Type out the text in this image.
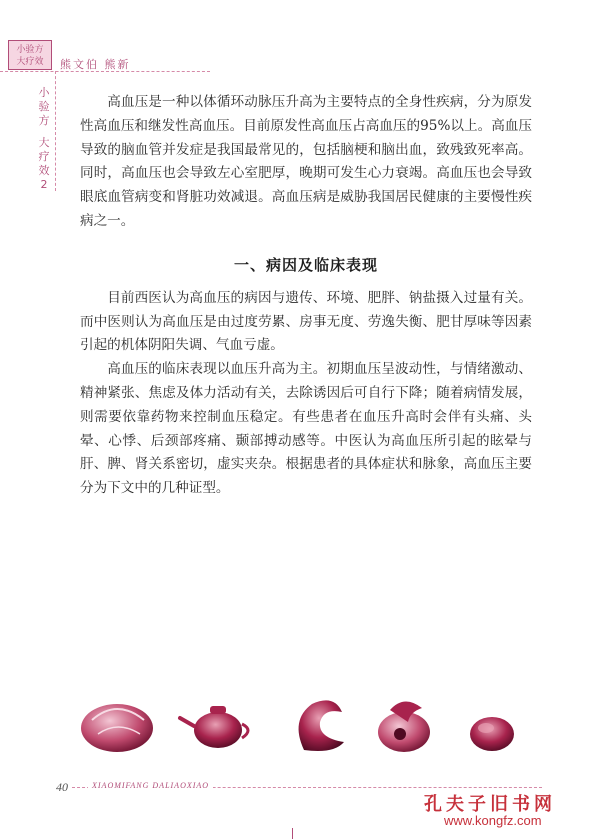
小验方
大疗效 熊文伯 熊新
小验方
大疗效2

高血压是一种以体循环动脉压升高为主要特点的全身性疾病，分为原发性高血压和继发性高血压。目前原发性高血压占高血压的95%以上。高血压导致的脑血管并发症是我国最常见的，包括脑梗和脑出血，致残致死率高。同时，高血压也会导致左心室肥厚，晚期可发生心力衰竭。高血压也会导致眼底血管病变和肾脏功效减退。高血压病是威胁我国居民健康的主要慢性疾病之一。

一、病因及临床表现

目前西医认为高血压的病因与遗传、环境、肥胖、钠盐摄入过量有关。而中医则认为高血压是由过度劳累、房事无度、劳逸失衡、肥甘厚味等因素引起的机体阴阳失调、气血亏虚。

高血压的临床表现以血压升高为主。初期血压呈波动性，与情绪激动、精神紧张、焦虑及体力活动有关，去除诱因后可自行下降；随着病情发展，则需要依靠药物来控制血压稳定。有些患者在血压升高时会伴有头痛、头晕、心悸、后颈部疼痛、颞部搏动感等。中医认为高血压所引起的眩晕与肝、脾、肾关系密切，虚实夹杂。根据患者的具体症状和脉象，高血压主要分为下文中的几种证型。

40	XIAOMIFANG DALIAOXIAO
孔夫子旧书网
www.kongfz.com
